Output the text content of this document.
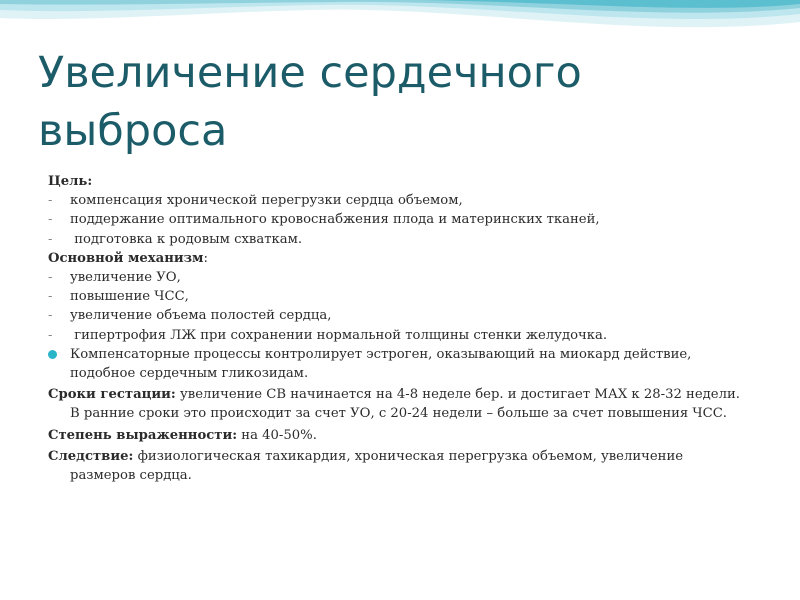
Увеличение сердечного
выброса
Цель:
- компенсация хронической перегрузки сердца объемом,
- поддержание оптимального кровоснабжения плода и материнских тканей,
- подготовка к родовым схваткам.
Основной механизм:
- увеличение УО,
- повышение ЧСС,
- увеличение объема полостей сердца,
- гипертрофия ЛЖ при сохранении нормальной толщины стенки желудочка.
Компенсаторные процессы контролирует эстроген, оказывающий на миокард действие, подобное сердечным гликозидам.
Сроки гестации: увеличение СВ начинается на 4-8 неделе бер. и достигает МАХ к 28-32 недели. В ранние сроки это происходит за счет УО, с 20-24 недели – больше за счет повышения ЧСС.
Степень выраженности: на 40-50%.
Следствие: физиологическая тахикардия, хроническая перегрузка объемом, увеличение размеров сердца.
